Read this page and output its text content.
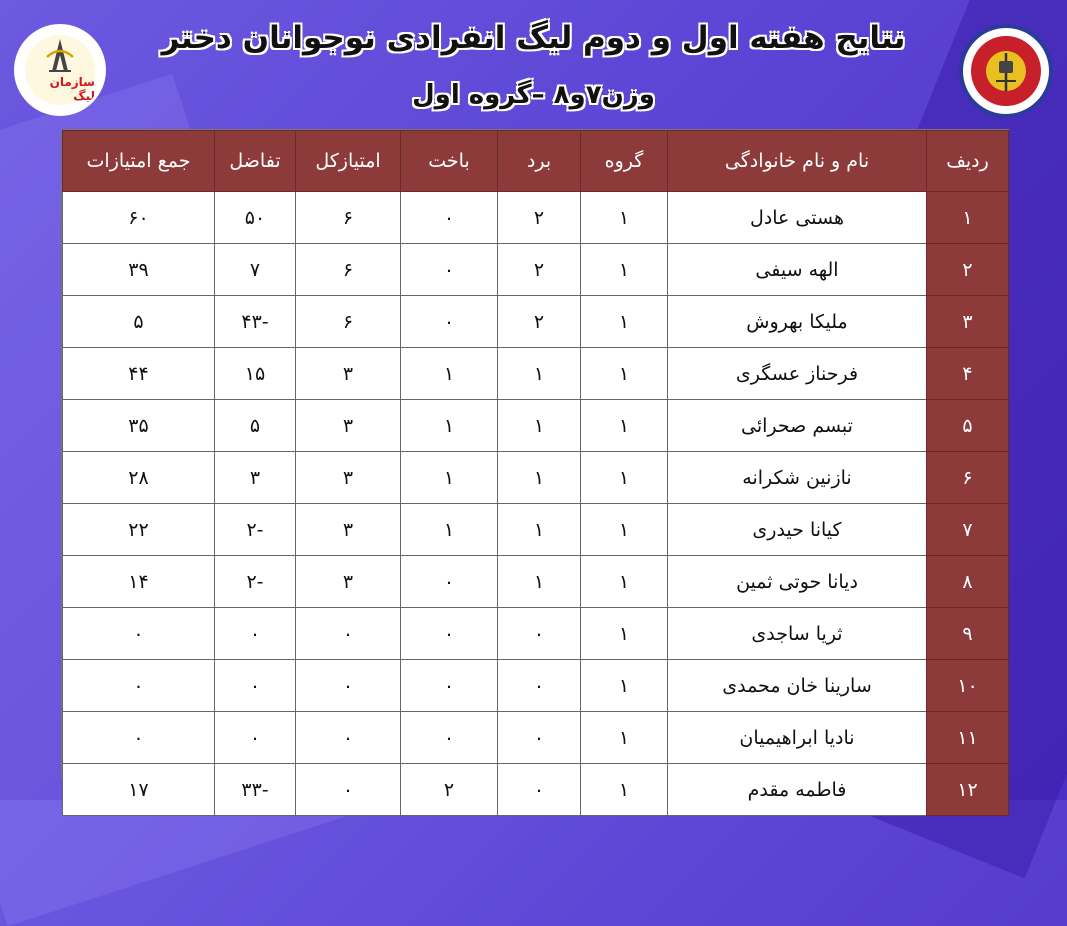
سازمان لیگ
نتایج هفته اول و دوم لیگ انفرادی نوجوانان دختر
وزن۷و۸ –گروه اول
ردیف	نام و نام خانوادگی	گروه	برد	باخت	امتیازکل	تفاضل	جمع امتیازات
۱	هستی عادل	۱	۲	۰	۶	۵۰	۶۰
۲	الهه سیفی	۱	۲	۰	۶	۷	۳۹
۳	ملیکا بهروش	۱	۲	۰	۶	-۴۳	۵
۴	فرحناز عسگری	۱	۱	۱	۳	۱۵	۴۴
۵	تبسم صحرائی	۱	۱	۱	۳	۵	۳۵
۶	نازنین شکرانه	۱	۱	۱	۳	۳	۲۸
۷	کیانا حیدری	۱	۱	۱	۳	-۲	۲۲
۸	دیانا حوتی ثمین	۱	۱	۰	۳	-۲	۱۴
۹	ثریا ساجدی	۱	۰	۰	۰	۰	۰
۱۰	سارینا خان محمدی	۱	۰	۰	۰	۰	۰
۱۱	نادیا ابراهیمیان	۱	۰	۰	۰	۰	۰
۱۲	فاطمه مقدم	۱	۰	۲	۰	-۳۳	۱۷
